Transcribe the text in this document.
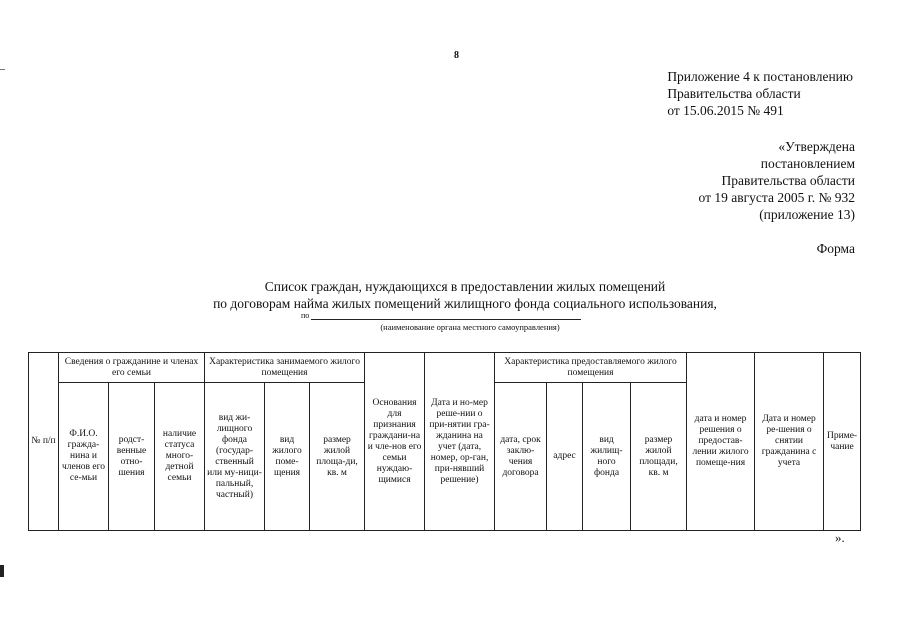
8
Приложение 4 к постановлению
Правительства области
от 15.06.2015 № 491
«Утверждена
постановлением
Правительства области
от 19 августа 2005 г. № 932
(приложение 13)
Форма
Список граждан, нуждающихся в предоставлении жилых помещений
по договорам найма жилых помещений жилищного фонда социального использования,
по
(наименование органа местного самоуправления)
№ п/п	Сведения о гражданине и членах его семьи			Характеристика занимаемого жилого помещения			Основания для признания граждани-на и чле-нов его семьи нуждаю-щимися	Дата и но-мер реше-нии о при-нятии гра-жданина на учет (дата, номер, ор-ган, при-нявший решение)	Характеристика предоставляемого жилого помещения				дата и номер решения о предостав-лении жилого помеще-ния	Дата и номер ре-шения о снятии гражданина с учета	Приме-чание
	Ф.И.О. гражда-нина и членов его се-мьи	родст-венные отно-шения	наличие статуса много-детной семьи	вид жи-лищного фонда (государ-ственный или му-ници-пальный, частный)	вид жилого поме-щения	размер жилой площа-ди, кв. м			дата, срок заклю-чения договора	адрес	вид жилищ-ного фонда	размер жилой площади, кв. м			
».
